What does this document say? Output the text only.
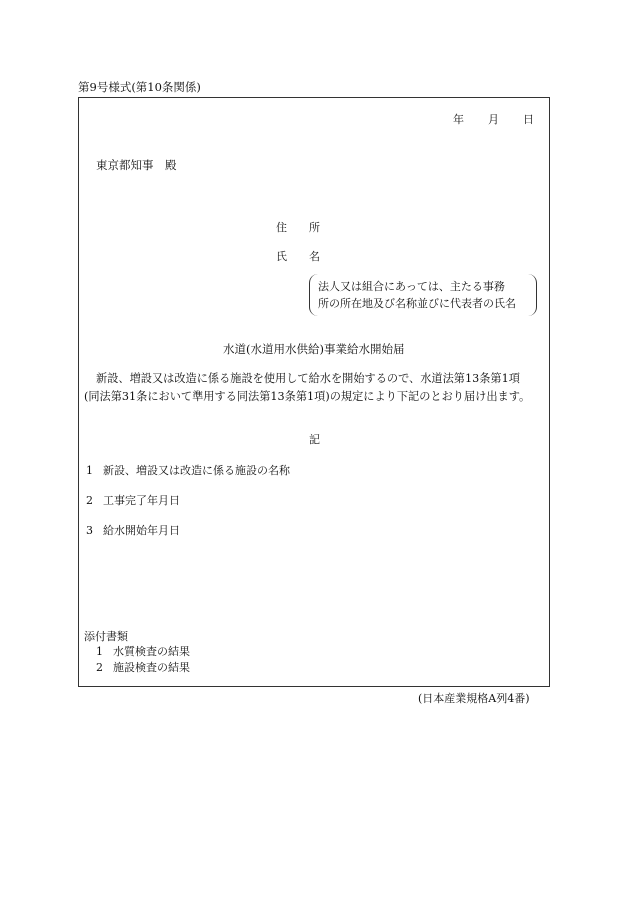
第9号様式(第10条関係)
年 月 日
東京都知事　殿
住　　所
氏　　名
法人又は組合にあっては、主たる事務
所の所在地及び名称並びに代表者の氏名
水道(水道用水供給)事業給水開始届
新設、増設又は改造に係る施設を使用して給水を開始するので、水道法第13条第1項
(同法第31条において準用する同法第13条第1項)の規定により下記のとおり届け出ます。
記
1 新設、増設又は改造に係る施設の名称
2 工事完了年月日
3 給水開始年月日
添付書類
1 水質検査の結果
2 施設検査の結果
(日本産業規格A列4番)
